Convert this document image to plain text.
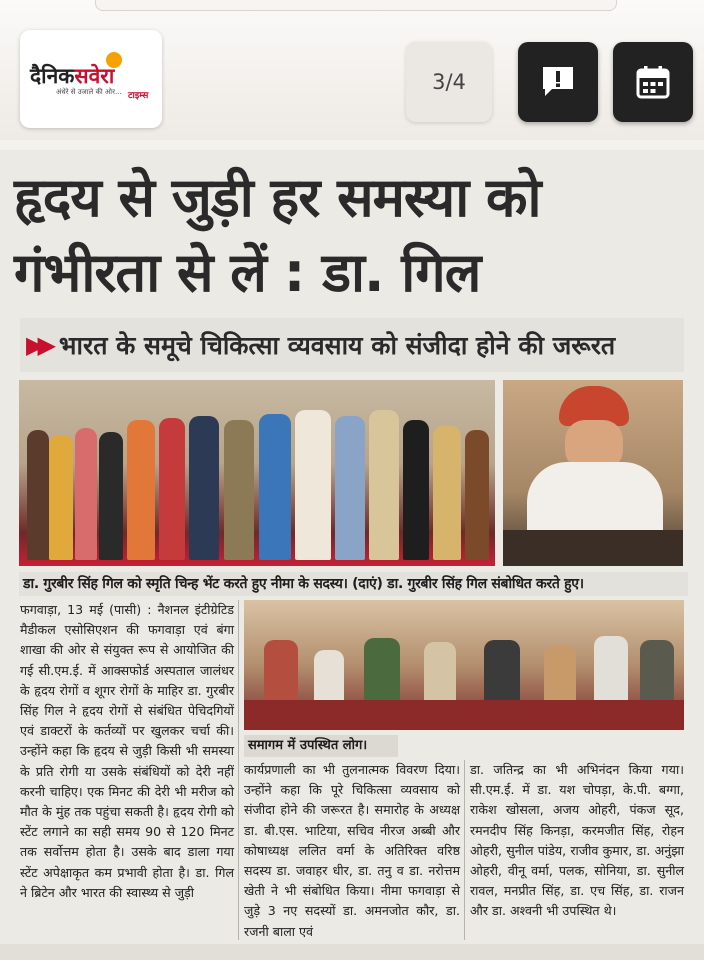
दैनिकसवेरा
अंधेरे से उजाले की ओर... टाइम्स
3/4
हृदय से जुड़ी हर समस्या को
गंभीरता से लें : डा. गिल
▶▶ भारत के समूचे चिकित्सा व्यवसाय को संजीदा होने की जरूरत
डा. गुरबीर सिंह गिल को स्मृति चिन्ह भेंट करते हुए नीमा के सदस्य। (दाएं) डा. गुरबीर सिंह गिल संबोधित करते हुए।
समागम में उपस्थित लोग।
फगवाड़ा, 13 मई (पासी) : नैशनल इंटीग्रेटिड मैडीकल एसोसिएशन की फगवाड़ा एवं बंगा शाखा की ओर से संयुक्त रूप से आयोजित की गई सी.एम.ई. में आक्सफोर्ड अस्पताल जालंधर के हृदय रोगों व शूगर रोगों के माहिर डा. गुरबीर सिंह गिल ने हृदय रोगों से संबंधित पेचिदगियों एवं डाक्टरों के कर्तव्यों पर खुलकर चर्चा की। उन्होंने कहा कि हृदय से जुड़ी किसी भी समस्या के प्रति रोगी या उसके संबंधियों को देरी नहीं करनी चाहिए। एक मिनट की देरी भी मरीज को मौत के मुंह तक पहुंचा सकती है। हृदय रोगी को स्टेंट लगाने का सही समय 90 से 120 मिनट तक सर्वोत्तम होता है। उसके बाद डाला गया स्टेंट अपेक्षाकृत कम प्रभावी होता है। डा. गिल ने ब्रिटेन और भारत की स्वास्थ्य से जुड़ी
कार्यप्रणाली का भी तुलनात्मक विवरण दिया। उन्होंने कहा कि पूरे चिकित्सा व्यवसाय को संजीदा होने की जरूरत है। समारोह के अध्यक्ष डा. बी.एस. भाटिया, सचिव नीरज अब्बी और कोषाध्यक्ष ललित वर्मा के अतिरिक्त वरिष्ठ सदस्य डा. जवाहर धीर, डा. तनु व डा. नरोत्तम खेती ने भी संबोधित किया। नीमा फगवाड़ा से जुड़े 3 नए सदस्यों डा. अमनजोत कौर, डा. रजनी बाला एवं
डा. जतिन्द्र का भी अभिनंदन किया गया। सी.एम.ई. में डा. यश चोपड़ा, के.पी. बग्गा, राकेश खोसला, अजय ओहरी, पंकज सूद, रमनदीप सिंह किनड़ा, करमजीत सिंह, रोहन ओहरी, सुनील पांडेय, राजीव कुमार, डा. अनुंझा ओहरी, वीनू वर्मा, पलक, सोनिया, डा. सुनील रावल, मनप्रीत सिंह, डा. एच सिंह, डा. राजन और डा. अश्वनी भी उपस्थित थे।
